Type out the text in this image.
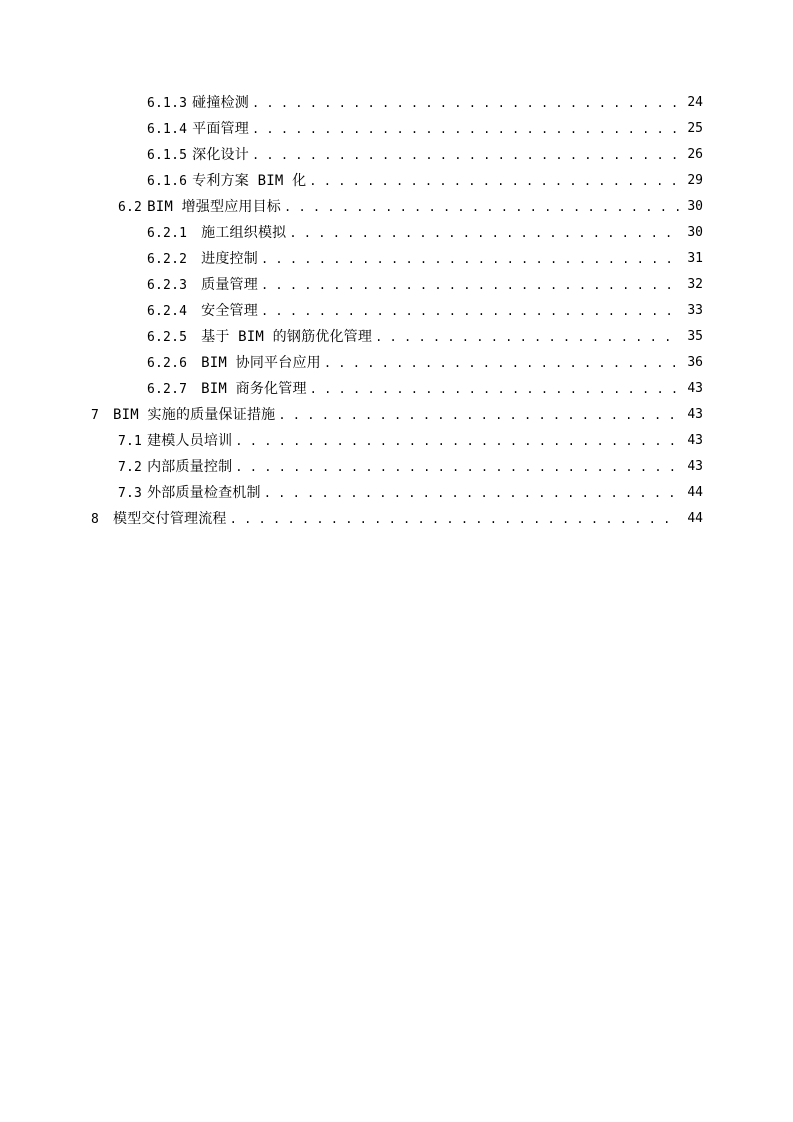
6.1.3 碰撞检测 . . .	24
6.1.4 平面管理 . . .	25
6.1.5 深化设计 . . .	26
6.1.6 专利方案 BIM 化 . . .	29
6.2 BIM 增强型应用目标 . . .	30
6.2.1 施工组织模拟 . . .	30
6.2.2 进度控制 . . .	31
6.2.3 质量管理 . . .	32
6.2.4 安全管理 . . .	33
6.2.5 基于 BIM 的钢筋优化管理 . . .	35
6.2.6 BIM 协同平台应用 . . .	36
6.2.7 BIM 商务化管理 . . .	43
7 BIM 实施的质量保证措施 . . .	43
7.1 建模人员培训 . . .	43
7.2 内部质量控制 . . .	43
7.3 外部质量检查机制 . . .	44
8 模型交付管理流程 . . .	44
